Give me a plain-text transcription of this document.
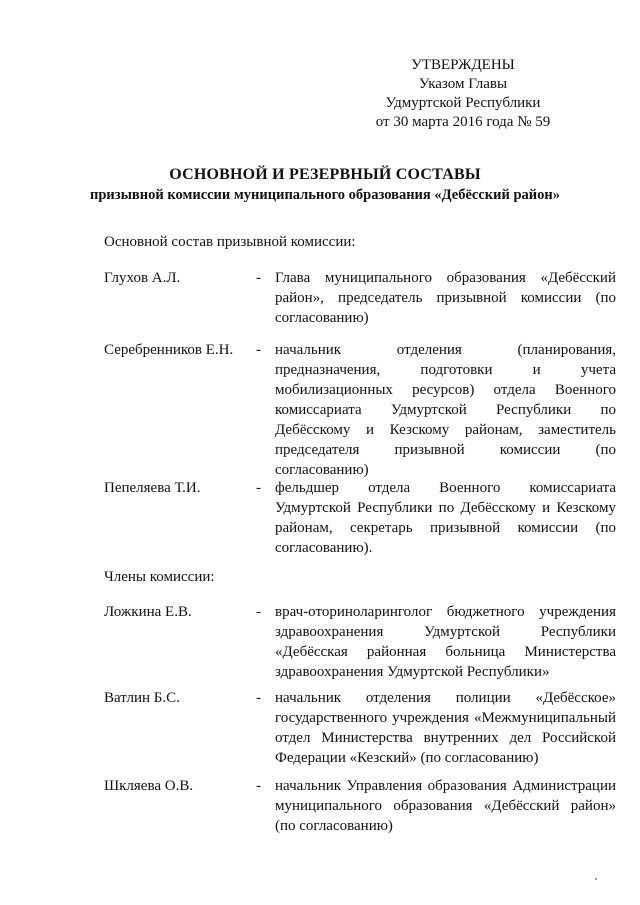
УТВЕРЖДЕНЫ
Указом Главы
Удмуртской Республики
от 30 марта 2016 года № 59
ОСНОВНОЙ И РЕЗЕРВНЫЙ СОСТАВЫ
призывной комиссии муниципального образования «Дебёсский район»
Основной состав призывной комиссии:
Глухов А.Л.	- Глава муниципального образования «Дебёсский район», председатель призывной комиссии (по согласованию)
Серебренников Е.Н.	- начальник отделения (планирования, предназначения, подготовки и учета мобилизационных ресурсов) отдела Военного комиссариата Удмуртской Республики по Дебёсскому и Кезскому районам, заместитель председателя призывной комиссии (по согласованию)
Пепеляева Т.И.	- фельдшер отдела Военного комиссариата Удмуртской Республики по Дебёсскому и Кезскому районам, секретарь призывной комиссии (по согласованию).
Члены комиссии:
Ложкина Е.В.	- врач-оториноларинголог бюджетного учреждения здравоохранения Удмуртской Республики «Дебёсская районная больница Министерства здравоохранения Удмуртской Республики»
Ватлин Б.С.	- начальник отделения полиции «Дебёсское» государственного учреждения «Межмуниципальный отдел Министерства внутренних дел Российской Федерации «Кезский» (по согласованию)
Шкляева О.В.	- начальник Управления образования Администрации муниципального образования «Дебёсский район» (по согласованию)
